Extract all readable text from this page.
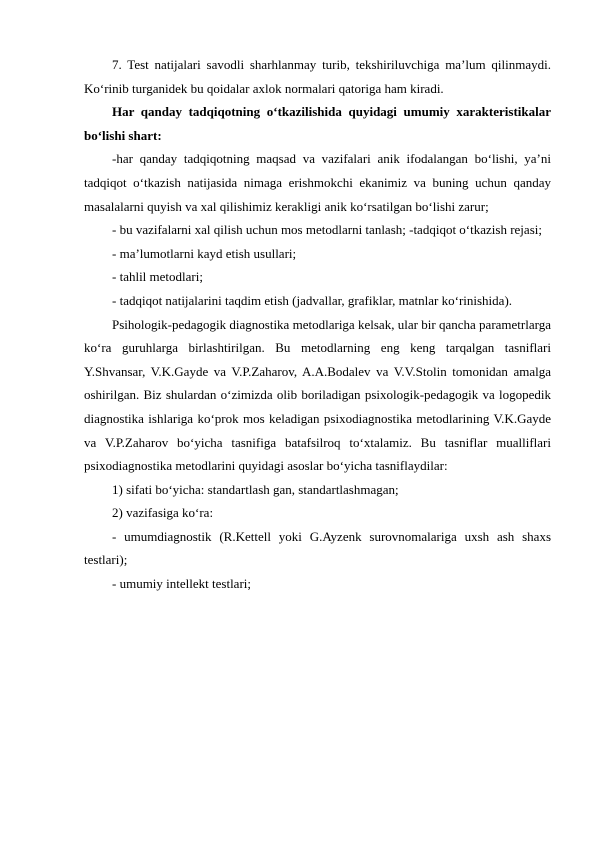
7. Test natijalari savodli sharhlanmay turib, tekshiriluvchiga ma’lum qilinmaydi. Ko‘rinib turganidek bu qoidalar axlok normalari qatoriga ham kiradi.

Har qanday tadqiqotning o‘tkazilishida quyidagi umumiy xarakteristikalar bo‘lishi shart:

-har qanday tadqiqotning maqsad va vazifalari anik ifodalangan bo‘lishi, ya’ni tadqiqot o‘tkazish natijasida nimaga erishmokchi ekanimiz va buning uchun qanday masalalarni quyish va xal qilishimiz kerakligi anik ko‘rsatilgan bo‘lishi zarur;

- bu vazifalarni xal qilish uchun mos metodlarni tanlash; -tadqiqot o‘tkazish rejasi;

- ma’lumotlarni kayd etish usullari;

- tahlil metodlari;

- tadqiqot natijalarini taqdim etish (jadvallar, grafiklar, matnlar ko‘rinishida).

Psihologik-pedagogik diagnostika metodlariga kelsak, ular bir qancha parametrlarga ko‘ra guruhlarga birlashtirilgan. Bu metodlarning eng keng tarqalgan tasniflari Y.Shvansar, V.K.Gayde va V.P.Zaharov, A.A.Bodalev va V.V.Stolin tomonidan amalga oshirilgan. Biz shulardan o‘zimizda olib boriladigan psixologik-pedagogik va logopedik diagnostika ishlariga ko‘prok mos keladigan psixodiagnostika metodlarining V.K.Gayde va V.P.Zaharov bo‘yicha tasnifiga batafsilroq to‘xtalamiz. Bu tasniflar mualliflari psixodiagnostika metodlarini quyidagi asoslar bo‘yicha tasniflaydilar:

1) sifati bo‘yicha: standartlash gan, standartlashmagan;

2) vazifasiga ko‘ra:

- umumdiagnostik (R.Kettell yoki G.Ayzenk surovnomalariga uxsh ash shaxs testlari);

- umumiy intellekt testlari;
